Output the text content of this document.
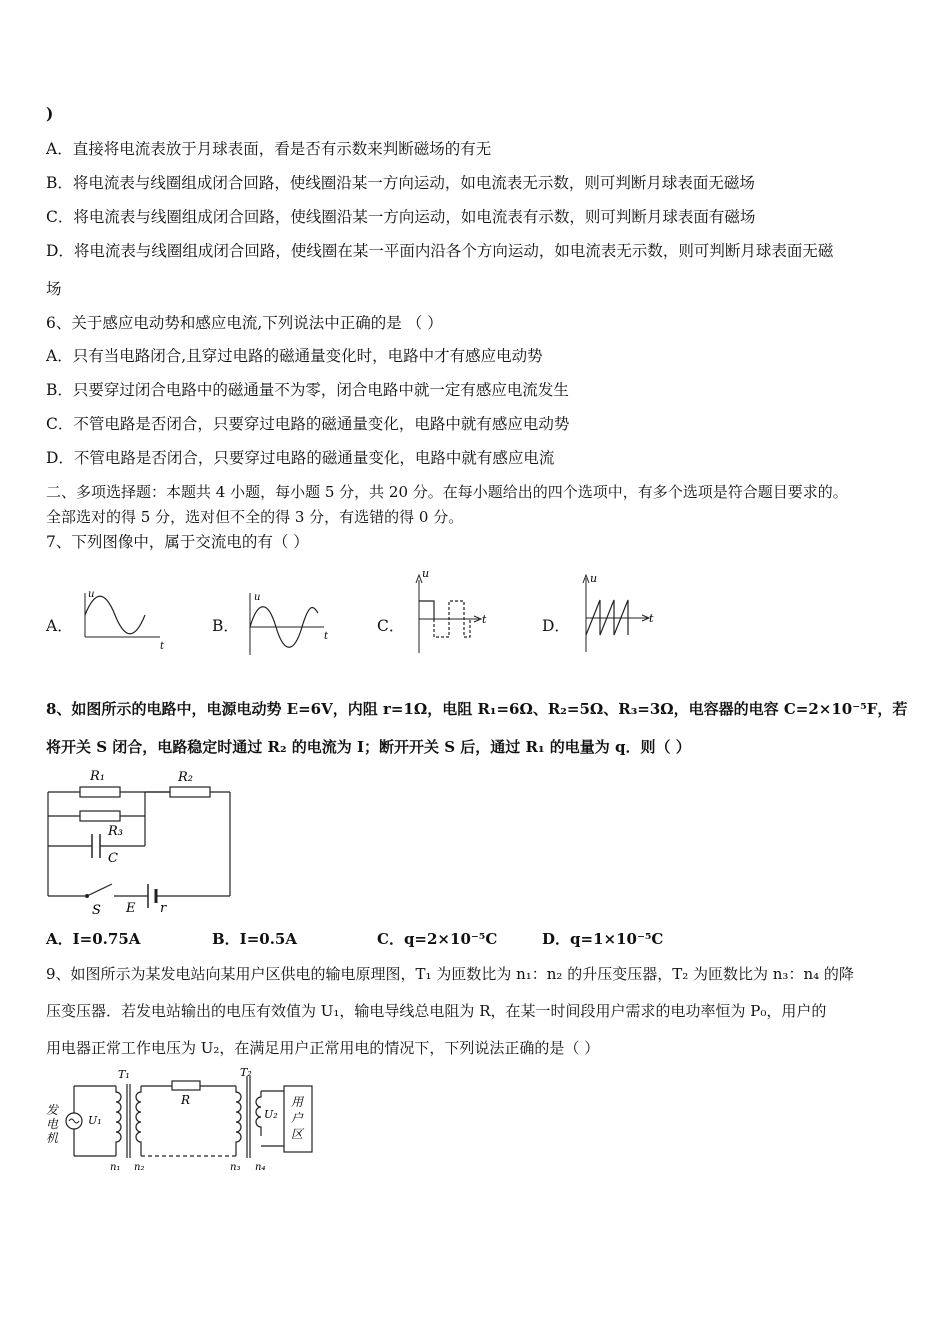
)
A．直接将电流表放于月球表面，看是否有示数来判断磁场的有无
B．将电流表与线圈组成闭合回路，使线圈沿某一方向运动，如电流表无示数，则可判断月球表面无磁场
C．将电流表与线圈组成闭合回路，使线圈沿某一方向运动，如电流表有示数，则可判断月球表面有磁场
D．将电流表与线圈组成闭合回路，使线圈在某一平面内沿各个方向运动，如电流表无示数，则可判断月球表面无磁
场
6、关于感应电动势和感应电流,下列说法中正确的是 （ ）
A．只有当电路闭合,且穿过电路的磁通量变化时，电路中才有感应电动势
B．只要穿过闭合电路中的磁通量不为零，闭合电路中就一定有感应电流发生
C．不管电路是否闭合，只要穿过电路的磁通量变化，电路中就有感应电动势
D．不管电路是否闭合，只要穿过电路的磁通量变化，电路中就有感应电流
二、多项选择题：本题共 4 小题，每小题 5 分，共 20 分。在每小题给出的四个选项中，有多个选项是符合题目要求的。
全部选对的得 5 分，选对但不全的得 3 分，有选错的得 0 分。
7、下列图像中，属于交流电的有（ ）
A．	B．	C．	D．
u
t
u
t
u
t
u
t
8、如图所示的电路中，电源电动势 E=6V，内阻 r=1Ω，电阻 R₁=6Ω、R₂=5Ω、R₃=3Ω，电容器的电容 C=2×10⁻⁵F，若
将开关 S 闭合，电路稳定时通过 R₂ 的电流为 I；断开开关 S 后，通过 R₁ 的电量为 q．则（ ）
R₁	R₂
R₃
C
S E r
A．I=0.75A	B．I=0.5A	C．q=2×10⁻⁵C	D．q=1×10⁻⁵C
9、如图所示为某发电站向某用户区供电的输电原理图，T₁ 为匝数比为 n₁：n₂ 的升压变压器，T₂ 为匝数比为 n₃：n₄ 的降
压变压器．若发电站输出的电压有效值为 U₁，输电导线总电阻为 R，在某一时间段用户需求的电功率恒为 P₀，用户的
用电器正常工作电压为 U₂，在满足用户正常用电的情况下，下列说法正确的是（ ）
发
电
机
U₁
T₁
R
T₂
U₂
用
户
区
n₁ n₂	n₃ n₄
